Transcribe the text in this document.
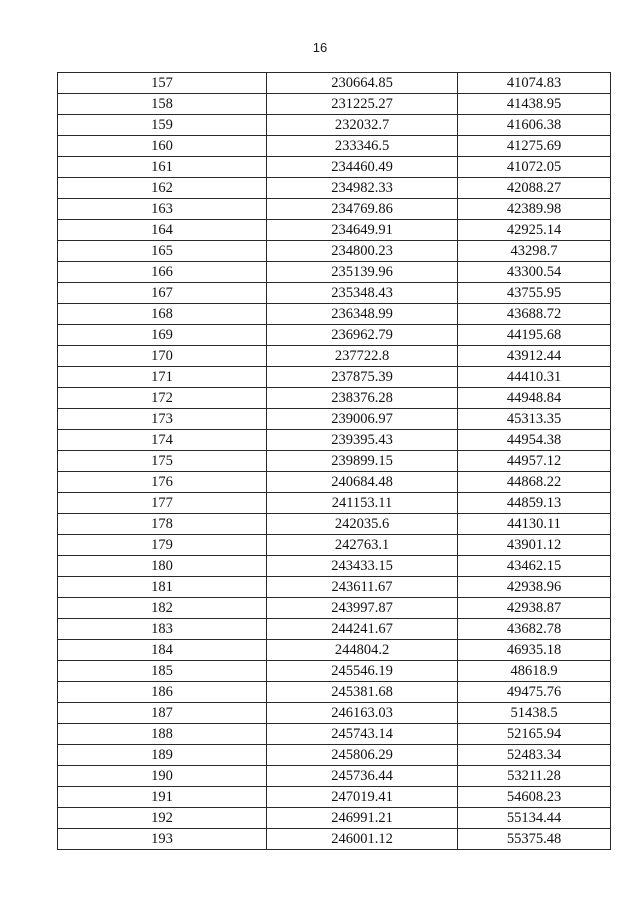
16
157	230664.85	41074.83
158	231225.27	41438.95
159	232032.7	41606.38
160	233346.5	41275.69
161	234460.49	41072.05
162	234982.33	42088.27
163	234769.86	42389.98
164	234649.91	42925.14
165	234800.23	43298.7
166	235139.96	43300.54
167	235348.43	43755.95
168	236348.99	43688.72
169	236962.79	44195.68
170	237722.8	43912.44
171	237875.39	44410.31
172	238376.28	44948.84
173	239006.97	45313.35
174	239395.43	44954.38
175	239899.15	44957.12
176	240684.48	44868.22
177	241153.11	44859.13
178	242035.6	44130.11
179	242763.1	43901.12
180	243433.15	43462.15
181	243611.67	42938.96
182	243997.87	42938.87
183	244241.67	43682.78
184	244804.2	46935.18
185	245546.19	48618.9
186	245381.68	49475.76
187	246163.03	51438.5
188	245743.14	52165.94
189	245806.29	52483.34
190	245736.44	53211.28
191	247019.41	54608.23
192	246991.21	55134.44
193	246001.12	55375.48
